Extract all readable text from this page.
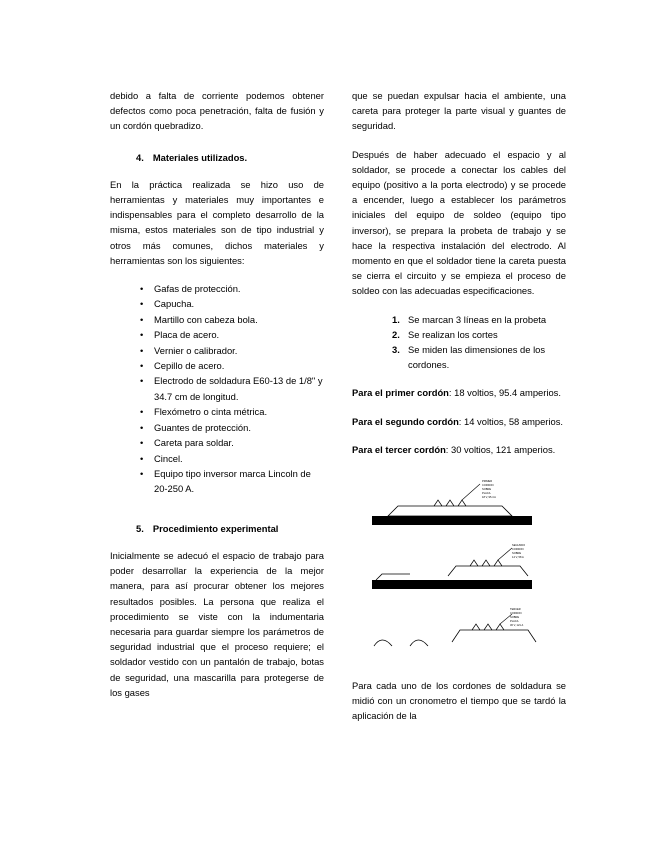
debido a falta de corriente podemos obtener defectos como poca penetración, falta de fusión y un cordón quebradizo.

4. Materiales utilizados.

En la práctica realizada se hizo uso de herramientas y materiales muy importantes e indispensables para el completo desarrollo de la misma, estos materiales son de tipo industrial y otros más comunes, dichos materiales y herramientas son los siguientes:

• Gafas de protección.
• Capucha.
• Martillo con cabeza bola.
• Placa de acero.
• Vernier o calibrador.
• Cepillo de acero.
• Electrodo de soldadura E60-13 de 1/8" y 34.7 cm de longitud.
• Flexómetro o cinta métrica.
• Guantes de protección.
• Careta para soldar.
• Cincel.
• Equipo tipo inversor marca Lincoln de 20-250 A.
5. Procedimiento experimental

Inicialmente se adecuó el espacio de trabajo para poder desarrollar la experiencia de la mejor manera, para así procurar obtener los mejores resultados posibles. La persona que realiza el procedimiento se viste con la indumentaria necesaria para guardar siempre los parámetros de seguridad industrial que el proceso requiere; el soldador vestido con un pantalón de trabajo, botas de seguridad, una mascarilla para protegerse de los gases

que se puedan expulsar hacia el ambiente, una careta para proteger la parte visual y guantes de seguridad.

Después de haber adecuado el espacio y al soldador, se procede a conectar los cables del equipo (positivo a la porta electrodo) y se procede a encender, luego a establecer los parámetros iniciales del equipo de soldeo (equipo tipo inversor), se prepara la probeta de trabajo y se hace la respectiva instalación del electrodo. Al momento en que el soldador tiene la careta puesta se cierra el circuito y se empieza el proceso de soldeo con las adecuadas especificaciones.

Se marcan 3 líneas en la probeta
Se realizan los cortes
Se miden las dimensiones de los cordones.
Para el primer cordón: 18 voltios, 95.4 amperios.
Para el segundo cordón: 14 voltios, 58 amperios.
Para el tercer cordón: 30 voltios, 121 amperios.
PRIMER
CORDON
SOBRE
PLACA
18 V, 95.4 A
SEGUNDO
CORDON
SOBRE
14 V, 58 A
TERCER
CORDON
SOBRE
PLACA
30 V, 121 A

Para cada uno de los cordones de soldadura se midió con un cronometro el tiempo que se tardó la aplicación de la
